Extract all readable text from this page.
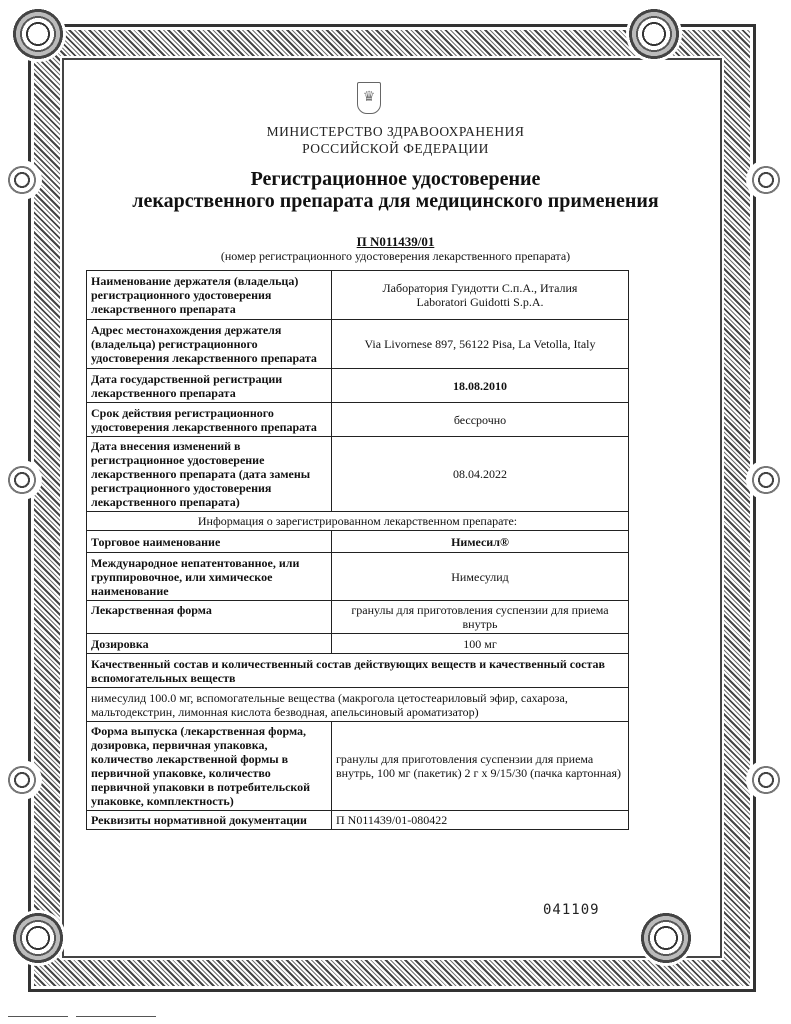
♛
МИНИСТЕРСТВО ЗДРАВООХРАНЕНИЯ
РОССИЙСКОЙ ФЕДЕРАЦИИ
Регистрационное удостоверение
лекарственного препарата для медицинского применения
П N011439/01
(номер регистрационного удостоверения лекарственного препарата)
Наименование держателя (владельца) регистрационного удостоверения лекарственного препарата	Лаборатория Гуидотти С.п.А., Италия
Laboratori Guidotti S.p.A.

Адрес местонахождения держателя (владельца) регистрационного удостоверения лекарственного препарата	Via Livornese 897, 56122 Pisa, La Vetolla, Italy
Дата государственной регистрации лекарственного препарата	18.08.2010
Срок действия регистрационного удостоверения лекарственного препарата	бессрочно
Дата внесения изменений в регистрационное удостоверение лекарственного препарата (дата замены регистрационного удостоверения лекарственного препарата)	08.04.2022
Информация о зарегистрированном лекарственном препарате:	
Торговое наименование	Нимесил®
Международное непатентованное, или группировочное, или химическое наименование	Нимесулид
Лекарственная форма	гранулы для приготовления суспензии для приема внутрь
Дозировка	100 мг
Качественный состав и количественный состав действующих веществ и качественный состав вспомогательных веществ	
нимесулид 100.0 мг, вспомогательные вещества (макрогола цетостеариловый эфир, сахароза, мальтодекстрин, лимонная кислота безводная, апельсиновый ароматизатор)	
Форма выпуска (лекарственная форма, дозировка, первичная упаковка, количество лекарственной формы в первичной упаковке, количество первичной упаковки в потребительской упаковке, комплектность)	гранулы для приготовления суспензии для приема внутрь, 100 мг (пакетик) 2 г x 9/15/30 (пачка картонная)
Реквизиты нормативной документации	П N011439/01-080422
041109
